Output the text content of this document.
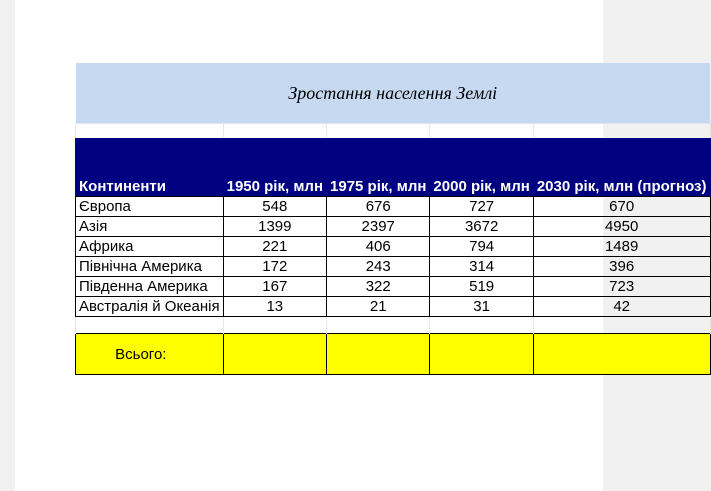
Зростання населення Землі				

Континенти	1950 рік, млн	1975 рік, млн	2000 рік, млн	2030 рік, млн (прогноз)
Європа	548	676	727	670
Азія	1399	2397	3672	4950
Африка	221	406	794	1489
Північна Америка	172	243	314	396
Південна Америка	167	322	519	723
Австралія й Океанія	13	21	31	42

Всього:				
